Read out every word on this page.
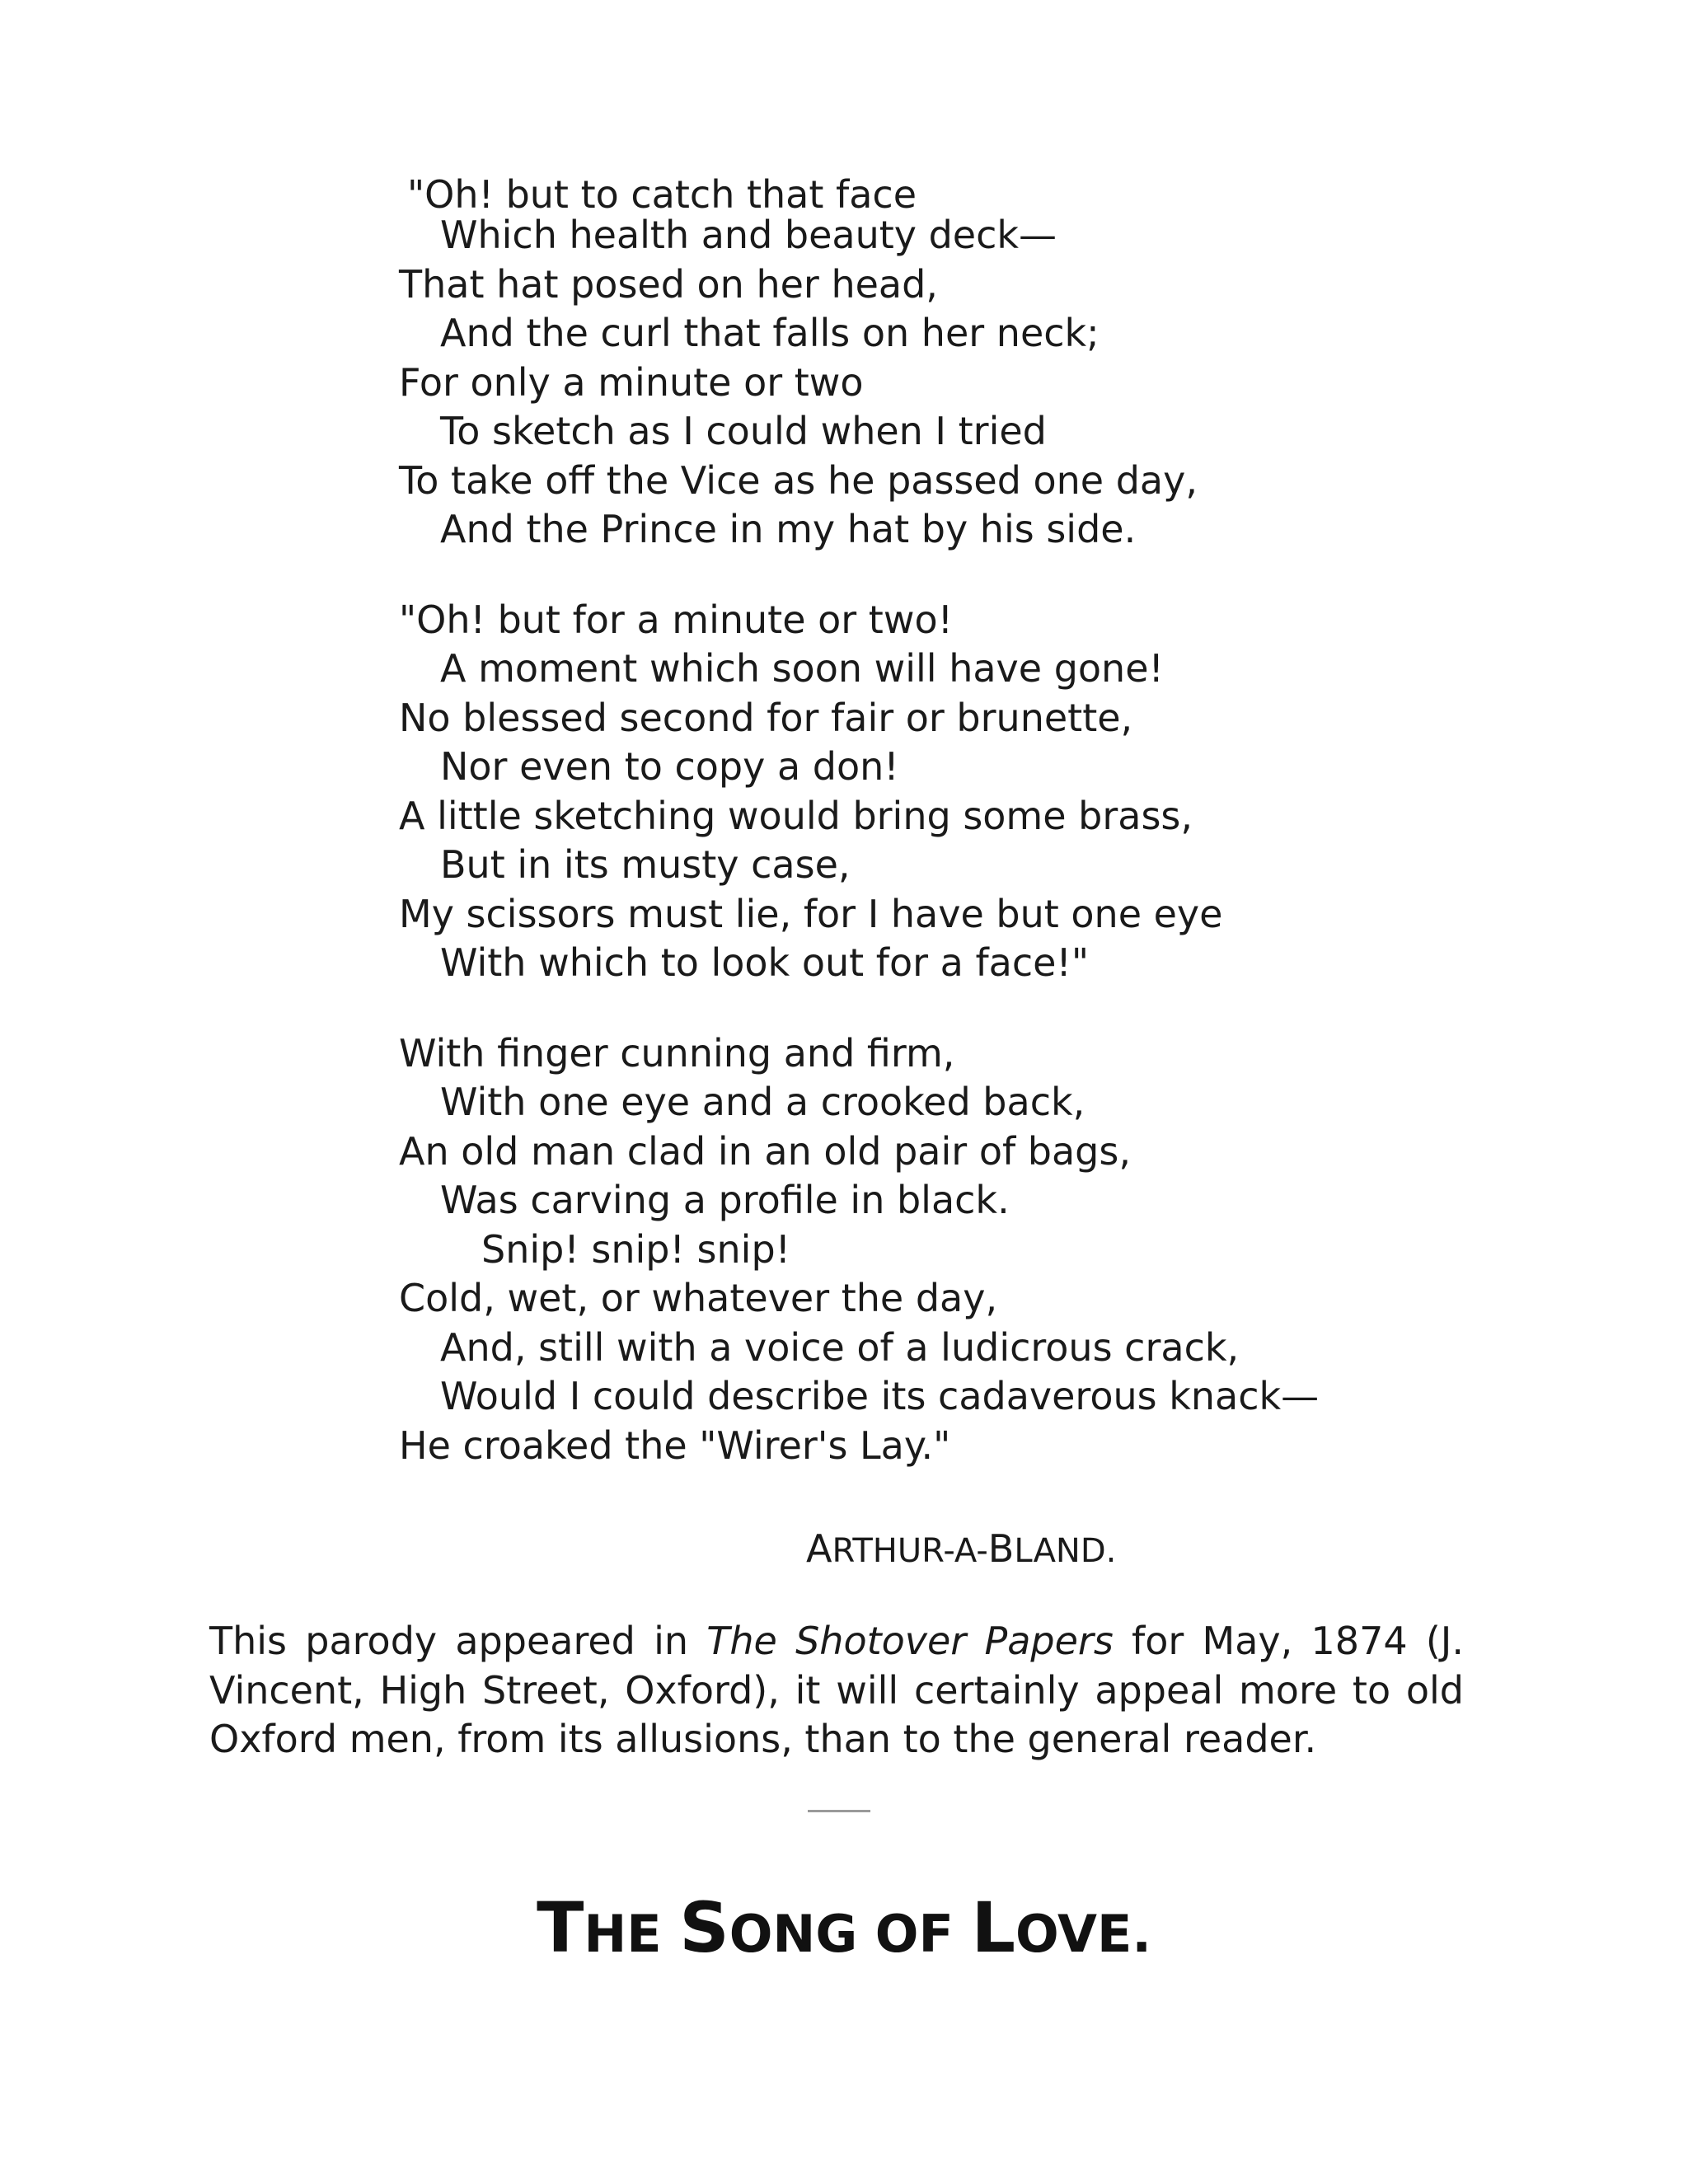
"Oh! but to catch that face
Which health and beauty deck—
That hat posed on her head,
And the curl that falls on her neck;
For only a minute or two
To sketch as I could when I tried
To take off the Vice as he passed one day,
And the Prince in my hat by his side.
"Oh! but for a minute or two!
A moment which soon will have gone!
No blessed second for fair or brunette,
Nor even to copy a don!
A little sketching would bring some brass,
But in its musty case,
My scissors must lie, for I have but one eye
With which to look out for a face!"
With finger cunning and firm,
With one eye and a crooked back,
An old man clad in an old pair of bags,
Was carving a profile in black.
Snip! snip! snip!
Cold, wet, or whatever the day,
And, still with a voice of a ludicrous crack,
Would I could describe its cadaverous knack—
He croaked the "Wirer's Lay."
ARTHUR-A-BLAND.
This parody appeared in The Shotover Papers for May, 1874 (J.
Vincent, High Street, Oxford), it will certainly appeal more to old
Oxford men, from its allusions, than to the general reader.
THE SONG OF LOVE.
